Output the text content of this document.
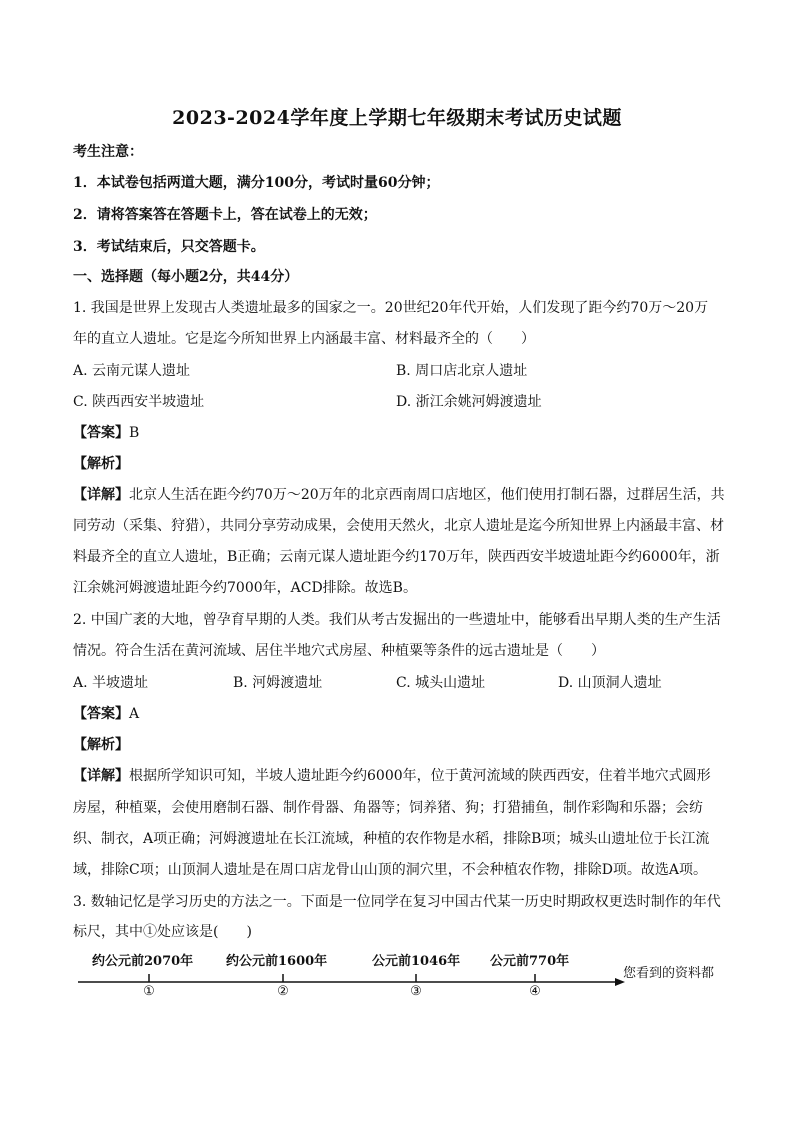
2023-2024学年度上学期七年级期末考试历史试题
考生注意：
1．本试卷包括两道大题，满分100分，考试时量60分钟；
2．请将答案答在答题卡上，答在试卷上的无效；
3．考试结束后，只交答题卡。
一、选择题（每小题2分，共44分）
1. 我国是世界上发现古人类遗址最多的国家之一。20世纪20年代开始，人们发现了距今约70万～20万
年的直立人遗址。它是迄今所知世界上内涵最丰富、材料最齐全的（　　）
A. 云南元谋人遗址	B. 周口店北京人遗址
C. 陕西西安半坡遗址	D. 浙江余姚河姆渡遗址
【答案】B
【解析】
【详解】北京人生活在距今约70万～20万年的北京西南周口店地区，他们使用打制石器，过群居生活，共
同劳动（采集、狩猎），共同分享劳动成果，会使用天然火，北京人遗址是迄今所知世界上内涵最丰富、材
料最齐全的直立人遗址，B正确；云南元谋人遗址距今约170万年，陕西西安半坡遗址距今约6000年，浙
江余姚河姆渡遗址距今约7000年，ACD排除。故选B。
2. 中国广袤的大地，曾孕育早期的人类。我们从考古发掘出的一些遗址中，能够看出早期人类的生产生活
情况。符合生活在黄河流域、居住半地穴式房屋、种植粟等条件的远古遗址是（　　）
A. 半坡遗址	B. 河姆渡遗址	C. 城头山遗址	D. 山顶洞人遗址
【答案】A
【解析】
【详解】根据所学知识可知，半坡人遗址距今约6000年，位于黄河流域的陕西西安，住着半地穴式圆形
房屋，种植粟，会使用磨制石器、制作骨器、角器等；饲养猪、狗；打猎捕鱼，制作彩陶和乐器；会纺
织、制衣，A项正确；河姆渡遗址在长江流域，种植的农作物是水稻，排除B项；城头山遗址位于长江流
域，排除C项；山顶洞人遗址是在周口店龙骨山山顶的洞穴里，不会种植农作物，排除D项。故选A项。
3. 数轴记忆是学习历史的方法之一。下面是一位同学在复习中国古代某一历史时期政权更迭时制作的年代
标尺，其中①处应该是(　　)
约公元前2070年	约公元前1600年	公元前1046年 公元前770年
①	②	③	④
您看到的资料都
